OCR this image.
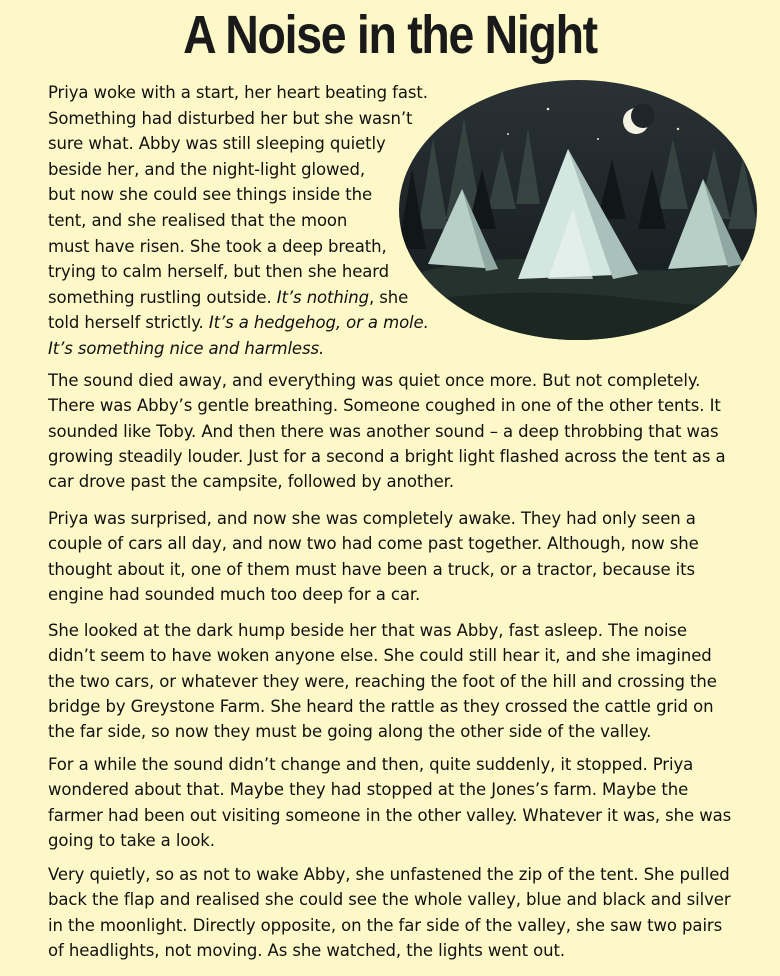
A Noise in the Night
Priya woke with a start, her heart beating fast.
Something had disturbed her but she wasn’t
sure what. Abby was still sleeping quietly
beside her, and the night-light glowed,
but now she could see things inside the
tent, and she realised that the moon
must have risen. She took a deep breath,
trying to calm herself, but then she heard
something rustling outside. It’s nothing, she
told herself strictly. It’s a hedgehog, or a mole.
It’s something nice and harmless.
The sound died away, and everything was quiet once more. But not completely.
There was Abby’s gentle breathing. Someone coughed in one of the other tents. It
sounded like Toby. And then there was another sound – a deep throbbing that was
growing steadily louder. Just for a second a bright light flashed across the tent as a
car drove past the campsite, followed by another.
Priya was surprised, and now she was completely awake. They had only seen a
couple of cars all day, and now two had come past together. Although, now she
thought about it, one of them must have been a truck, or a tractor, because its
engine had sounded much too deep for a car.
She looked at the dark hump beside her that was Abby, fast asleep. The noise
didn’t seem to have woken anyone else. She could still hear it, and she imagined
the two cars, or whatever they were, reaching the foot of the hill and crossing the
bridge by Greystone Farm. She heard the rattle as they crossed the cattle grid on
the far side, so now they must be going along the other side of the valley.
For a while the sound didn’t change and then, quite suddenly, it stopped. Priya
wondered about that. Maybe they had stopped at the Jones’s farm. Maybe the
farmer had been out visiting someone in the other valley. Whatever it was, she was
going to take a look.
Very quietly, so as not to wake Abby, she unfastened the zip of the tent. She pulled
back the flap and realised she could see the whole valley, blue and black and silver
in the moonlight. Directly opposite, on the far side of the valley, she saw two pairs
of headlights, not moving. As she watched, the lights went out.
